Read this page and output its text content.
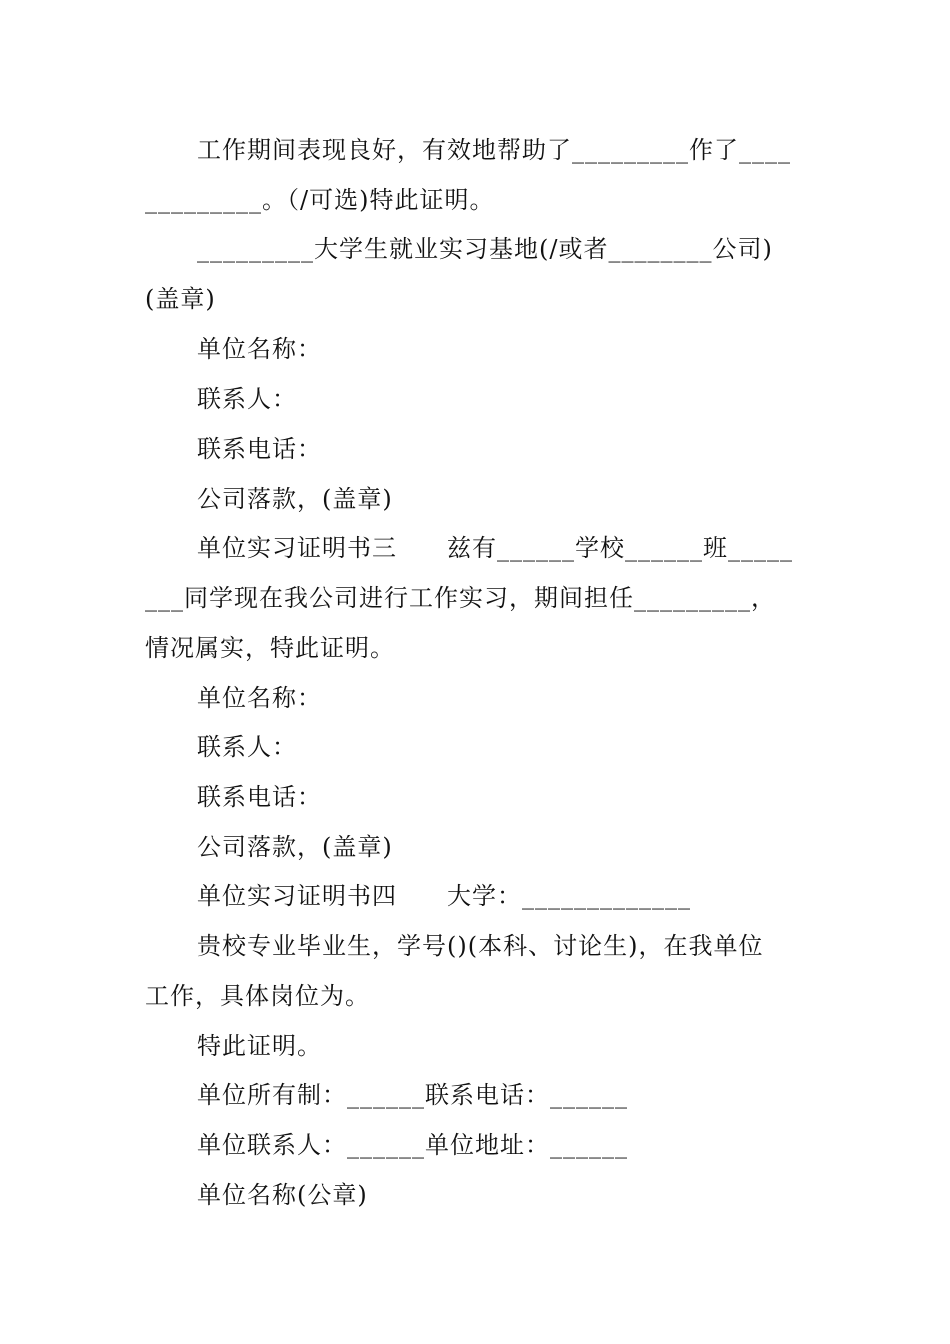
工作期间表现良好，有效地帮助了_________作了____
_________。（/可选)特此证明。
_________大学生就业实习基地(/或者________公司)
(盖章)
单位名称：
联系人：
联系电话：
公司落款，(盖章)
单位实习证明书三　　兹有______学校______班_____
___同学现在我公司进行工作实习，期间担任_________，
情况属实，特此证明。
单位名称：
联系人：
联系电话：
公司落款，(盖章)
单位实习证明书四　　大学：_____________
贵校专业毕业生，学号()(本科、讨论生)，在我单位
工作，具体岗位为。
特此证明。
单位所有制：______联系电话：______
单位联系人：______单位地址：______
单位名称(公章)
